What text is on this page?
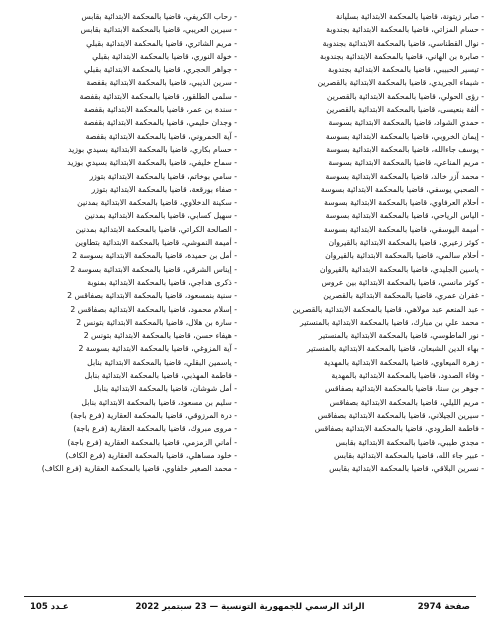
- صابر زيتونة، قاضيا بالمحكمة الابتدائية بسليانة
- حسام المزاتي، قاضيا بالمحكمة الابتدائية بجندوبة
- نوال القطناسي، قاضيا بالمحكمة الابتدائية بجندوبة
- صابرة بن الهاني، قاضيا بالمحكمة الابتدائية بجندوبة
- تيسير الحبيبي، قاضيا بالمحكمة الابتدائية بجندوبة
- شيماء الجريدي، قاضيا بالمحكمة الابتدائية بالقصرين
- رؤى الحولي، قاضيا بالمحكمة الابتدائية بالقصرين
- ألفة بنعيسى، قاضيا بالمحكمة الابتدائية بالقصرين
- حمدي الشواد، قاضيا بالمحكمة الابتدائية بسوسة
- إيمان الخروبي، قاضيا بالمحكمة الابتدائية بسوسة
- يوسف جاءالله، قاضيا بالمحكمة الابتدائية بسوسة
- مريم المناعي، قاضيا بالمحكمة الابتدائية بسوسة
- محمد آزر خالد، قاضيا بالمحكمة الابتدائية بسوسة
- الصحبي يوسفي، قاضيا بالمحكمة الابتدائية بسوسة
- أحلام العرفاوي، قاضيا بالمحكمة الابتدائية بسوسة
- الياس الرياحي، قاضيا بالمحكمة الابتدائية بسوسة
- أميمة اليوسفي، قاضيا بالمحكمة الابتدائية بسوسة
- كوثر زعيري، قاضيا بالمحكمة الابتدائية بالقيروان
- أحلام سالمي، قاضيا بالمحكمة الابتدائية بالقيروان
- ياسين الجليدي، قاضيا بالمحكمة الابتدائية بالقيروان
- كوثر مانسي، قاضيا بالمحكمة الابتدائية بين عروس
- غفران عمري، قاضيا بالمحكمة الابتدائية بالقصرين
- عبد المنعم عبد مولاهي، قاضيا بالمحكمة الابتدائية بالقصرين
- محمد علي بن مبارك، قاضيا بالمحكمة الابتدائية بالمنستير
- نور الماطوسي، قاضيا بالمحكمة الابتدائية بالمنستير
- بهاء الدين الشبعان، قاضيا بالمحكمة الابتدائية بالمنستير
- زهرة الميعاوي، قاضيا بالمحكمة الابتدائية بالمهدية
- وفاء الصدود، قاضيا بالمحكمة الابتدائية بالمهدية
- جوهر بن سنا، قاضيا بالمحكمة الابتدائية بصفاقس
- مريم الليلي، قاضيا بالمحكمة الابتدائية بصفاقس
- سيرين الجيلاني، قاضيا بالمحكمة الابتدائية بصفاقس
- فاطمة الطرودي، قاضيا بالمحكمة الابتدائية بصفاقس
- مجدي طيبي، قاضيا بالمحكمة الابتدائية بقابس
- عبير جاء الله، قاضيا بالمحكمة الابتدائية بقابس
- نسرين البلاقي، قاضيا بالمحكمة الابتدائية بقابس
- رحاب الكريفي، قاضيا بالمحكمة الابتدائية بقابس
- سيرين العريبي، قاضيا بالمحكمة الابتدائية بقابس
- مريم الشاتري، قاضيا بالمحكمة الابتدائية بقبلي
- خولة النوري، قاضيا بالمحكمة الابتدائية بقبلي
- جواهر الحجري، قاضيا بالمحكمة الابتدائية بقبلي
- سرين الذيبي، قاضيا بالمحكمة الابتدائية بقفصة
- سلمى الطلقور، قاضيا بالمحكمة الابتدائية بقفصة
- سندة بن عمر، قاضيا بالمحكمة الابتدائية بقفصة
- وجدان حليمي، قاضيا بالمحكمة الابتدائية بقفصة
- آية الحمروني، قاضيا بالمحكمة الابتدائية بقفصة
- حسام بكاري، قاضيا بالمحكمة الابتدائية بسيدي بوزيد
- سماح خليفي، قاضيا بالمحكمة الابتدائية بسيدي بوزيد
- سامي بوخاتم، قاضيا بالمحكمة الابتدائية بتوزر
- صفاء بورقعة، قاضيا بالمحكمة الابتدائية بتوزر
- سكينة الدخلاوي، قاضيا بالمحكمة الابتدائية بمدنين
- سهيل كسابي، قاضيا بالمحكمة الابتدائية بمدنين
- الصالحة الكراتي، قاضيا بالمحكمة الابتدائية بمدنين
- أميمة النموشي، قاضيا بالمحكمة الابتدائية بتطاوين
- أمل بن حميدة، قاضيا بالمحكمة الابتدائية بسوسة 2
- إيناس الشرقي، قاضيا بالمحكمة الابتدائية بسوسة 2
- ذكرى هداجي، قاضيا بالمحكمة الابتدائية بمنوبة
- سنية بنمسعود، قاضيا بالمحكمة الابتدائية بصفاقس 2
- إسلام محمود، قاضيا بالمحكمة الابتدائية بصفاقس 2
- سارة بن هلال، قاضيا بالمحكمة الابتدائية بتونس 2
- هيفاء حسن، قاضيا بالمحكمة الابتدائية بتونس 2
- آية المزوغي، قاضيا بالمحكمة الابتدائية بسوسة 2
- ياسمين البقلي، قاضيا بالمحكمة الابتدائية بنابل
- فاطمة المهذبي، قاضيا بالمحكمة الابتدائية بنابل
- أمل شوشان، قاضيا بالمحكمة الابتدائية بنابل
- سليم بن مسعود، قاضيا بالمحكمة الابتدائية بنابل
- درة المرزوقي، قاضيا بالمحكمة العقارية (فرع باجة)
- مروى مبروك، قاضيا بالمحكمة العقارية (فرع باجة)
- أماني الزمزمي، قاضيا بالمحكمة العقارية (فرع باجة)
- خلود مساهلي، قاضيا بالمحكمة العقارية (فرع الكاف)
- محمد الصغير خلفاوي، قاضيا بالمحكمة العقارية (فرع الكاف)
عـدد 105	الرائد الرسمي للجمهورية التونسية — 23 سبتمبر 2022	صفحة 2974
